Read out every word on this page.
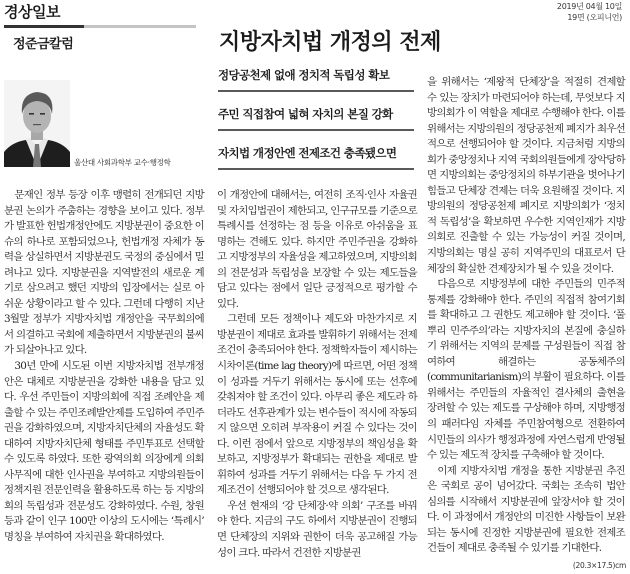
경상일보
정준금칼럼
2019년 04월 10일
19면 (오피니언)
지방자치법 개정의 전제
정당공천제 없애 정치적 독립성 확보
주민 직접참여 넓혀 자치의 본질 강화
자치법 개정안엔 전제조건 충족됐으면
울산대 사회과학부 교수·행정학

문재인 정부 등장 이후 맹렬히 전개되던 지방분권 논의가 주춤하는 경향을 보이고 있다. 정부가 발표한 헌법개정안에도 지방분권이 중요한 이슈의 하나로 포함되었으나, 헌법개정 자체가 동력을 상실하면서 지방분권도 국정의 중심에서 밀려나고 있다. 지방분권을 지역발전의 새로운 계기로 삼으려고 했던 지방의 입장에서는 실로 아쉬운 상황이라고 할 수 있다. 그런데 다행히 지난 3월말 정부가 지방자치법 개정안을 국무회의에서 의결하고 국회에 제출하면서 지방분권의 불씨가 되살아나고 있다.

30년 만에 시도된 이번 지방자치법 전부개정안은 대체로 지방분권을 강화한 내용을 담고 있다. 우선 주민들이 지방의회에 직접 조례안을 제출할 수 있는 주민조례발안제를 도입하여 주민주권을 강화하였으며, 지방자치단체의 자율성도 확대하여 지방자치단체 형태를 주민투표로 선택할 수 있도록 하였다. 또한 광역의회 의장에게 의회사무직에 대한 인사권을 부여하고 지방의원들이 정책지원 전문인력을 활용하도록 하는 등 지방의회의 독립성과 전문성도 강화하였다. 수원, 창원 등과 같이 인구 100만 이상의 도시에는 ‘특례시’ 명칭을 부여하여 자치권을 확대하였다.

이 개정안에 대해서는, 여전히 조직·인사 자율권 및 자치입법권이 제한되고, 인구규모를 기준으로 특례시를 선정하는 점 등을 이유로 아쉬움을 표명하는 견해도 있다. 하지만 주민주권을 강화하고 지방정부의 자율성을 제고하였으며, 지방의회의 전문성과 독립성을 보장할 수 있는 제도들을 담고 있다는 점에서 일단 긍정적으로 평가할 수 있다.

그런데 모든 정책이나 제도와 마찬가지로 지방분권이 제대로 효과를 발휘하기 위해서는 전제조건이 충족되어야 한다. 정책학자들이 제시하는 시차이론(time lag theory)에 따르면, 어떤 정책이 성과를 거두기 위해서는 동시에 또는 선후에 갖춰져야 할 조건이 있다. 아무리 좋은 제도라 하더라도 선후관계가 있는 변수들이 적시에 작동되지 않으면 오히려 부작용이 커질 수 있다는 것이다. 이런 점에서 앞으로 지방정부의 책임성을 확보하고, 지방정부가 확대되는 권한을 제대로 발휘하여 성과를 거두기 위해서는 다음 두 가지 전제조건이 선행되어야 할 것으로 생각된다.

우선 현재의 ‘강 단체장·약 의회’ 구조를 바꿔야 한다. 지금의 구도 하에서 지방분권이 진행되면 단체장의 지위와 권한이 더욱 공고해질 가능성이 크다. 따라서 건전한 지방분권

을 위해서는 ‘제왕적 단체장’을 적절히 견제할 수 있는 장치가 마련되어야 하는데, 무엇보다 지방의회가 이 역할을 제대로 수행해야 한다. 이를 위해서는 지방의원의 정당공천제 폐지가 최우선적으로 선행되어야 할 것이다. 지금처럼 지방의회가 중앙정치나 지역 국회의원들에게 장악당하면 지방의회는 중앙정치의 하부기관을 벗어나기 힘들고 단체장 견제는 더욱 요원해질 것이다. 지방의원의 정당공천제 폐지로 지방의회가 ‘정치적 독립성’을 확보하면 우수한 지역인재가 지방의회로 진출할 수 있는 가능성이 커질 것이며, 지방의회는 명실 공히 지역주민의 대표로서 단체장의 확실한 견제장치가 될 수 있을 것이다.

다음으로 지방정부에 대한 주민들의 민주적 통제를 강화해야 한다. 주민의 직접적 참여기회를 확대하고 그 권한도 제고해야 할 것이다. ‘풀뿌리 민주주의’라는 지방자치의 본질에 충실하기 위해서는 지역의 문제를 구성원들이 직접 참여하여 해결하는 공동체주의(communitarianism)의 부활이 필요하다. 이를 위해서는 주민들의 자율적인 결사체의 출현을 장려할 수 있는 제도를 구상해야 하며, 지방행정의 패러다임 자체를 주민참여형으로 전환하여 시민들의 의사가 행정과정에 자연스럽게 반영될 수 있는 제도적 장치를 구축해야 할 것이다.

이제 지방자치법 개정을 통한 지방분권 추진은 국회로 공이 넘어갔다. 국회는 조속히 법안 심의를 시작해서 지방분권에 앞장서야 할 것이다. 이 과정에서 개정안의 미진한 사항들이 보완되는 동시에 진정한 지방분권에 필요한 전제조건들이 제대로 충족될 수 있기를 기대한다.

(20.3×17.5)cm
